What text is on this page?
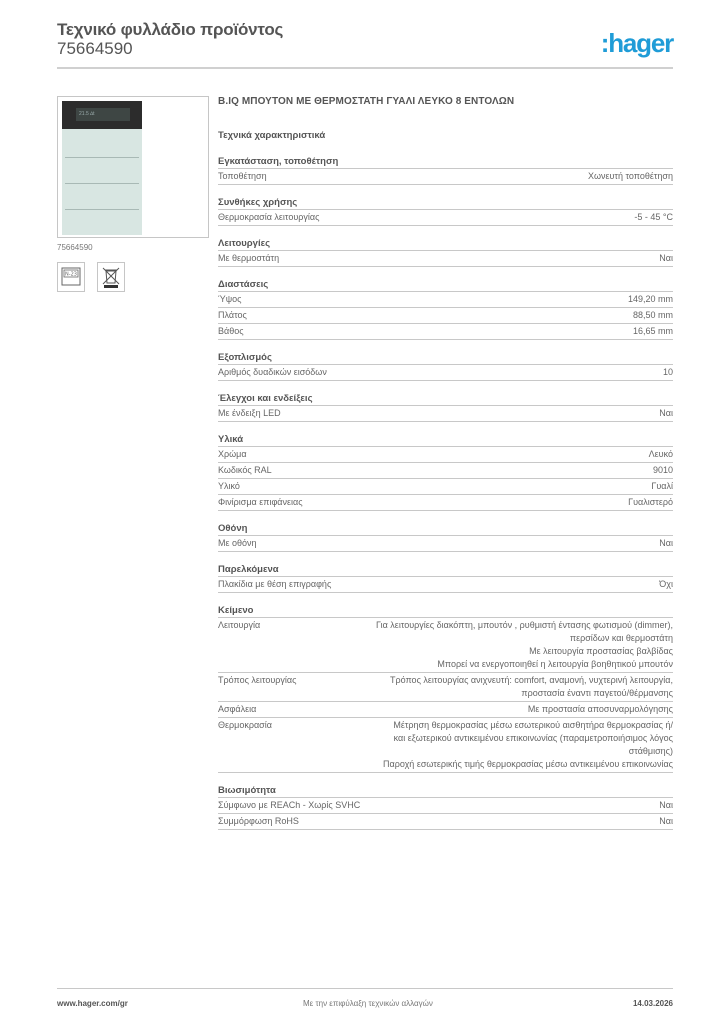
Τεχνικό φυλλάδιο προϊόντος
75664590	:hager
21.5 ∆t
75664590
N-23
Β.IQ ΜΠΟΥΤΟΝ ΜΕ ΘΕΡΜΟΣΤΑΤΗ ΓΥΑΛΙ ΛΕΥΚΟ 8 ΕΝΤΟΛΩΝ
Τεχνικά χαρακτηριστικά
Εγκατάσταση, τοποθέτηση
Τοποθέτηση	Χωνευτή τοποθέτηση
Συνθήκες χρήσης
Θερμοκρασία λειτουργίας	-5 - 45 °C
Λειτουργίες
Με θερμοστάτη	Ναι
Διαστάσεις
Ύψος	149,20 mm
Πλάτος	88,50 mm
Βάθος	16,65 mm
Εξοπλισμός
Αριθμός δυαδικών εισόδων	10
Έλεγχοι και ενδείξεις
Με ένδειξη LED	Ναι
Υλικά
Χρώμα	Λευκό
Κωδικός RAL	9010
Υλικό	Γυαλί
Φινίρισμα επιφάνειας	Γυαλιστερό
Οθόνη
Με οθόνη	Ναι
Παρελκόμενα
Πλακίδια με θέση επιγραφής	Όχι
Κείμενο
Λειτουργία	Για λειτουργίες διακόπτη, μπουτόν , ρυθμιστή έντασης φωτισμού (dimmer),
περσίδων και θερμοστάτη
Με λειτουργία προστασίας βαλβίδας
Μπορεί να ενεργοποιηθεί η λειτουργία βοηθητικού μπουτόν
Τρόπος λειτουργίας	Τρόπος λειτουργίας ανιχνευτή: comfort, αναμονή, νυχτερινή λειτουργία,
προστασία έναντι παγετού/θέρμανσης
Ασφάλεια	Με προστασία αποσυναρμολόγησης
Θερμοκρασία	Μέτρηση θερμοκρασίας μέσω εσωτερικού αισθητήρα θερμοκρασίας ή/
και εξωτερικού αντικειμένου επικοινωνίας (παραμετροποιήσιμος λόγος
στάθμισης)
Παροχή εσωτερικής τιμής θερμοκρασίας μέσω αντικειμένου επικοινωνίας
Βιωσιμότητα
Σύμφωνο με REACh - Χωρίς SVHC	Ναι
Συμμόρφωση RoHS	Ναι
www.hager.com/gr	Με την επιφύλαξη τεχνικών αλλαγών	14.03.2026
